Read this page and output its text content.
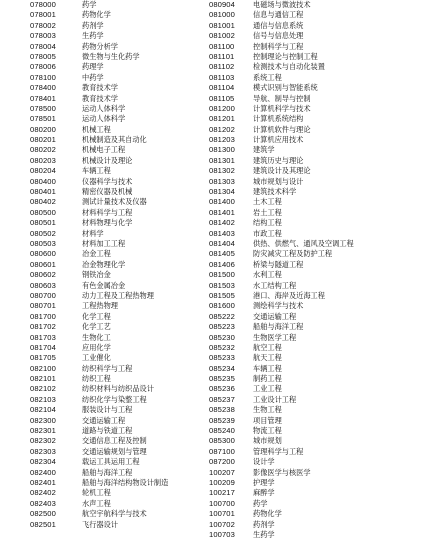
078000	药学
078001	药物化学
078002	药剂学
078003	生药学
078004	药物分析学
078005	微生物与生化药学
078006	药理学
078100	中药学
078400	教育技术学
078401	教育技术学
078500	运动人体科学
078501	运动人体科学
080200	机械工程
080201	机械制造及其自动化
080202	机械电子工程
080203	机械设计及理论
080204	车辆工程
080400	仪器科学与技术
080401	精密仪器及机械
080402	测试计量技术及仪器
080500	材料科学与工程
080501	材料物理与化学
080502	材料学
080503	材料加工工程
080600	冶金工程
080601	冶金物理化学
080602	钢铁冶金
080603	有色金属冶金
080700	动力工程及工程热物理
080701	工程热物理
081700	化学工程
081702	化学工艺
081703	生物化工
081704	应用化学
081705	工业催化
082100	纺织科学与工程
082101	纺织工程
082102	纺织材料与纺织品设计
082103	纺织化学与染整工程
082104	服装设计与工程
082300	交通运输工程
082301	道路与铁道工程
082302	交通信息工程及控制
082303	交通运输规划与管理
082304	载运工具运用工程
082400	船舶与海洋工程
082401	船舶与海洋结构物设计制造
082402	轮机工程
082403	水声工程
082500	航空宇航科学与技术
082501	飞行器设计
080904	电磁场与微波技术
081000	信息与通信工程
081001	通信与信息系统
081002	信号与信息处理
081100	控制科学与工程
081101	控制理论与控制工程
081102	检测技术与自动化装置
081103	系统工程
081104	模式识别与智能系统
081105	导航、制导与控制
081200	计算机科学与技术
081201	计算机系统结构
081202	计算机软件与理论
081203	计算机应用技术
081300	建筑学
081301	建筑历史与理论
081302	建筑设计及其理论
081303	城市规划与设计
081304	建筑技术科学
081400	土木工程
081401	岩土工程
081402	结构工程
081403	市政工程
081404	供热、供燃气、通风及空调工程
081405	防灾减灾工程及防护工程
081406	桥梁与隧道工程
081500	水利工程
081503	水工结构工程
081505	港口、海岸及近海工程
081600	测绘科学与技术
085222	交通运输工程
085223	船舶与海洋工程
085230	生物医学工程
085232	航空工程
085233	航天工程
085234	车辆工程
085235	制药工程
085236	工业工程
085237	工业设计工程
085238	生物工程
085239	项目管理
085240	物流工程
085300	城市规划
087100	管理科学与工程
087200	设计学
100207	影像医学与核医学
100209	护理学
100217	麻醉学
100700	药学
100701	药物化学
100702	药剂学
100703	生药学
